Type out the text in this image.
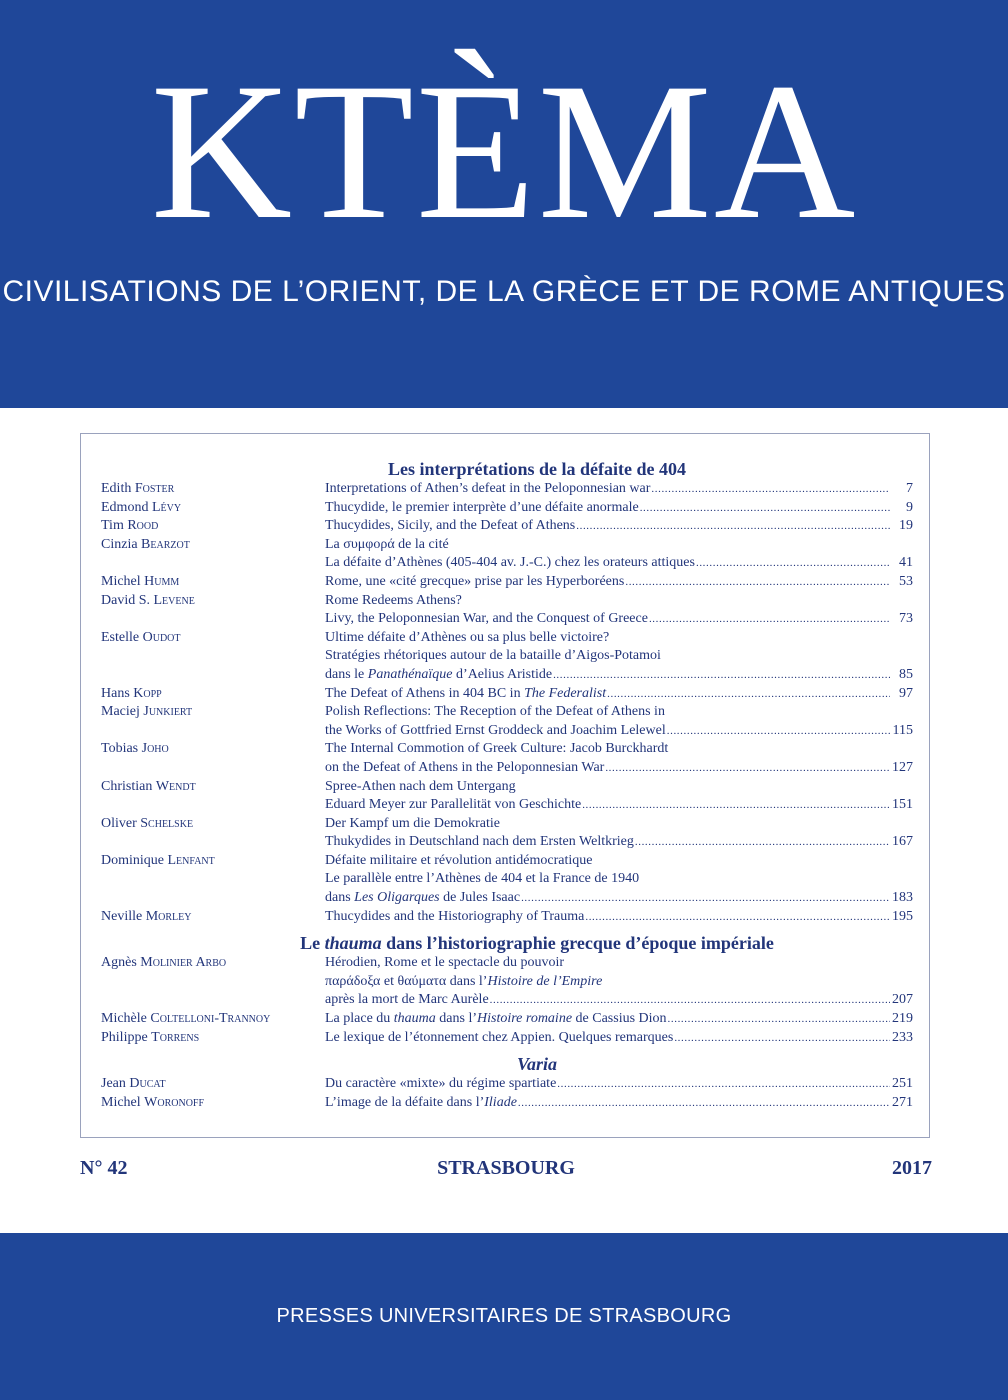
KTÈMA
CIVILISATIONS DE L’ORIENT, DE LA GRÈCE ET DE ROME ANTIQUES
Les interprétations de la défaite de 404
Edith Foster	Interpretations of Athen’s defeat in the Peloponnesian war .....	7
Edmond Lévy	Thucydide, le premier interprète d’une défaite anormale .....	9
Tim Rood	Thucydides, Sicily, and the Defeat of Athens .....	19
Cinzia Bearzot	La συμφορά de la cité
La défaite d’Athènes (405-404 av. J.-C.) chez les orateurs attiques .....	41
Michel Humm	Rome, une «cité grecque» prise par les Hyperboréens .....	53
David S. Levene	Rome Redeems Athens?
Livy, the Peloponnesian War, and the Conquest of Greece .....	73
Estelle Oudot	Ultime défaite d’Athènes ou sa plus belle victoire?
Stratégies rhétoriques autour de la bataille d’Aigos-Potamoi
dans le Panathénaïque d’Aelius Aristide .....	85
Hans Kopp	The Defeat of Athens in 404 BC in The Federalist .....	97
Maciej Junkiert	Polish Reflections: The Reception of the Defeat of Athens in
the Works of Gottfried Ernst Groddeck and Joachim Lelewel .....	115
Tobias Joho	The Internal Commotion of Greek Culture: Jacob Burckhardt
on the Defeat of Athens in the Peloponnesian War .....	127
Christian Wendt	Spree-Athen nach dem Untergang
Eduard Meyer zur Parallelität von Geschichte .....	151
Oliver Schelske	Der Kampf um die Demokratie
Thukydides in Deutschland nach dem Ersten Weltkrieg .....	167
Dominique Lenfant	Défaite militaire et révolution antidémocratique
Le parallèle entre l’Athènes de 404 et la France de 1940
dans Les Oligarques de Jules Isaac .....	183
Neville Morley	Thucydides and the Historiography of Trauma .....	195
Le thauma dans l’historiographie grecque d’époque impériale
Agnès Molinier Arbo	Hérodien, Rome et le spectacle du pouvoir
παράδοξα et θαύματα dans l’Histoire de l’Empire
après la mort de Marc Aurèle .....	207
Michèle Coltelloni-Trannoy	La place du thauma dans l’Histoire romaine de Cassius Dion .....	219
Philippe Torrens	Le lexique de l’étonnement chez Appien. Quelques remarques .....	233
Varia
Jean Ducat	Du caractère «mixte» du régime spartiate .....	251
Michel Woronoff	L’image de la défaite dans l’Iliade .....	271
N° 42	STRASBOURG	2017
PRESSES UNIVERSITAIRES DE STRASBOURG
